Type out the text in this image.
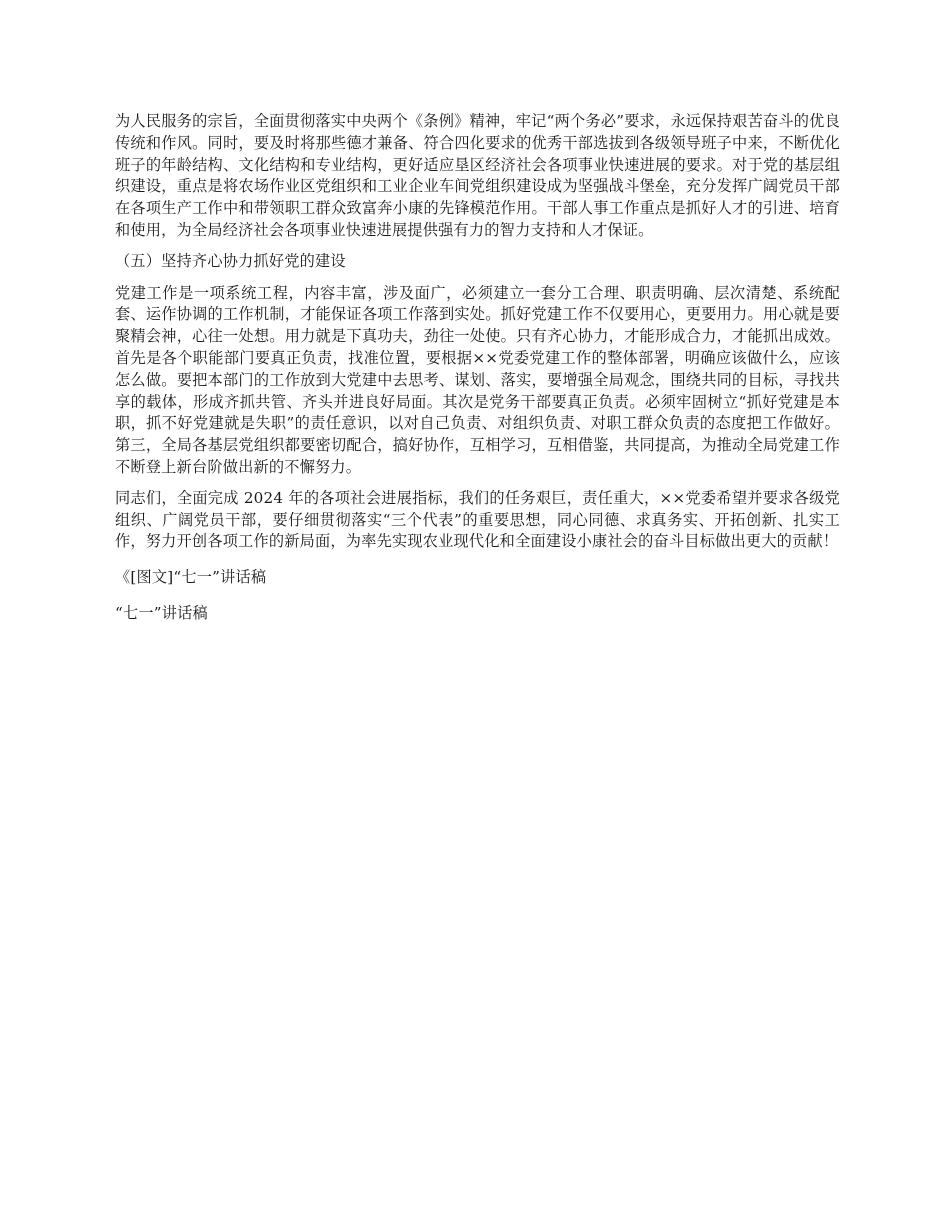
为人民服务的宗旨，全面贯彻落实中央两个《条例》精神，牢记“两个务必”要求，永远保持艰苦奋斗的优良传统和作风。同时，要及时将那些德才兼备、符合四化要求的优秀干部选拔到各级领导班子中来，不断优化班子的年龄结构、文化结构和专业结构，更好适应垦区经济社会各项事业快速进展的要求。对于党的基层组织建设，重点是将农场作业区党组织和工业企业车间党组织建设成为坚强战斗堡垒，充分发挥广阔党员干部在各项生产工作中和带领职工群众致富奔小康的先锋模范作用。干部人事工作重点是抓好人才的引进、培育和使用，为全局经济社会各项事业快速进展提供强有力的智力支持和人才保证。

（五）坚持齐心协力抓好党的建设

党建工作是一项系统工程，内容丰富，涉及面广，必须建立一套分工合理、职责明确、层次清楚、系统配套、运作协调的工作机制，才能保证各项工作落到实处。抓好党建工作不仅要用心，更要用力。用心就是要聚精会神，心往一处想。用力就是下真功夫，劲往一处使。只有齐心协力，才能形成合力，才能抓出成效。首先是各个职能部门要真正负责，找准位置，要根据××党委党建工作的整体部署，明确应该做什么，应该怎么做。要把本部门的工作放到大党建中去思考、谋划、落实，要增强全局观念，围绕共同的目标，寻找共享的载体，形成齐抓共管、齐头并进良好局面。其次是党务干部要真正负责。必须牢固树立“抓好党建是本职，抓不好党建就是失职”的责任意识，以对自己负责、对组织负责、对职工群众负责的态度把工作做好。第三，全局各基层党组织都要密切配合，搞好协作，互相学习，互相借鉴，共同提高，为推动全局党建工作不断登上新台阶做出新的不懈努力。

同志们，全面完成 2024 年的各项社会进展指标，我们的任务艰巨，责任重大，××党委希望并要求各级党组织、广阔党员干部，要仔细贯彻落实“三个代表”的重要思想，同心同德、求真务实、开拓创新、扎实工作，努力开创各项工作的新局面，为率先实现农业现代化和全面建设小康社会的奋斗目标做出更大的贡献！

《[图文]“七一”讲话稿

“七一”讲话稿
